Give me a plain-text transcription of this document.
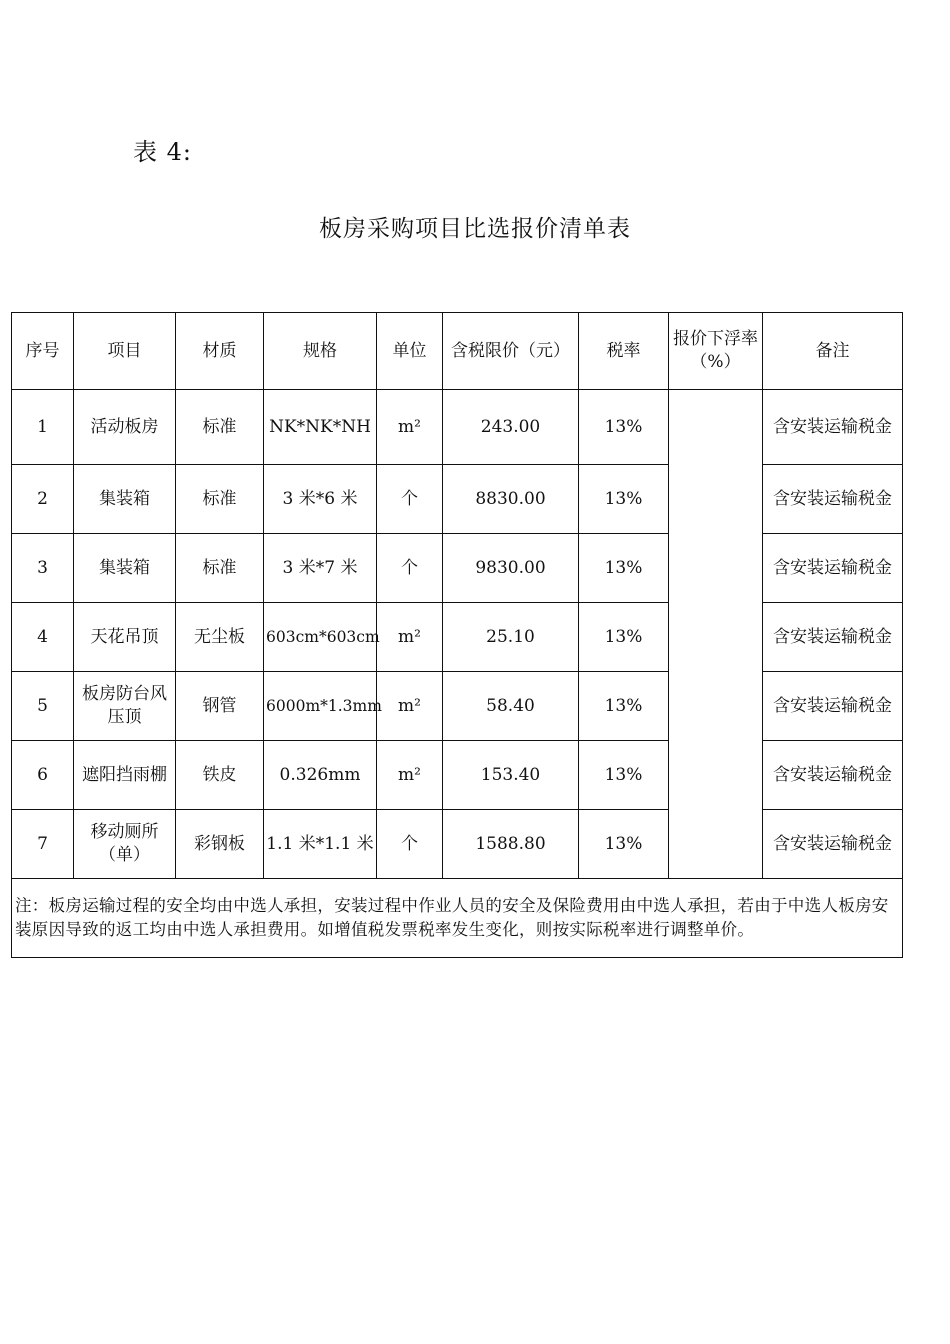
表 4:
板房采购项目比选报价清单表
序号	项目	材质	规格	单位	含税限价（元）	税率	报价下浮率（%）	备注
1	活动板房	标准	NK*NK*NH	m²	243.00	13%		含安装运输税金
2	集装箱	标准	3 米*6 米	个	8830.00	13%		含安装运输税金
3	集装箱	标准	3 米*7 米	个	9830.00	13%		含安装运输税金
4	天花吊顶	无尘板	603cm*603cm	m²	25.10	13%		含安装运输税金
5	板房防台风压顶	钢管	6000m*1.3mm	m²	58.40	13%		含安装运输税金
6	遮阳挡雨棚	铁皮	0.326mm	m²	153.40	13%		含安装运输税金
7	移动厕所（单）	彩钢板	1.1 米*1.1 米	个	1588.80	13%		含安装运输税金
注：板房运输过程的安全均由中选人承担，安装过程中作业人员的安全及保险费用由中选人承担，若由于中选人板房安装原因导致的返工均由中选人承担费用。如增值税发票税率发生变化，则按实际税率进行调整单价。								
